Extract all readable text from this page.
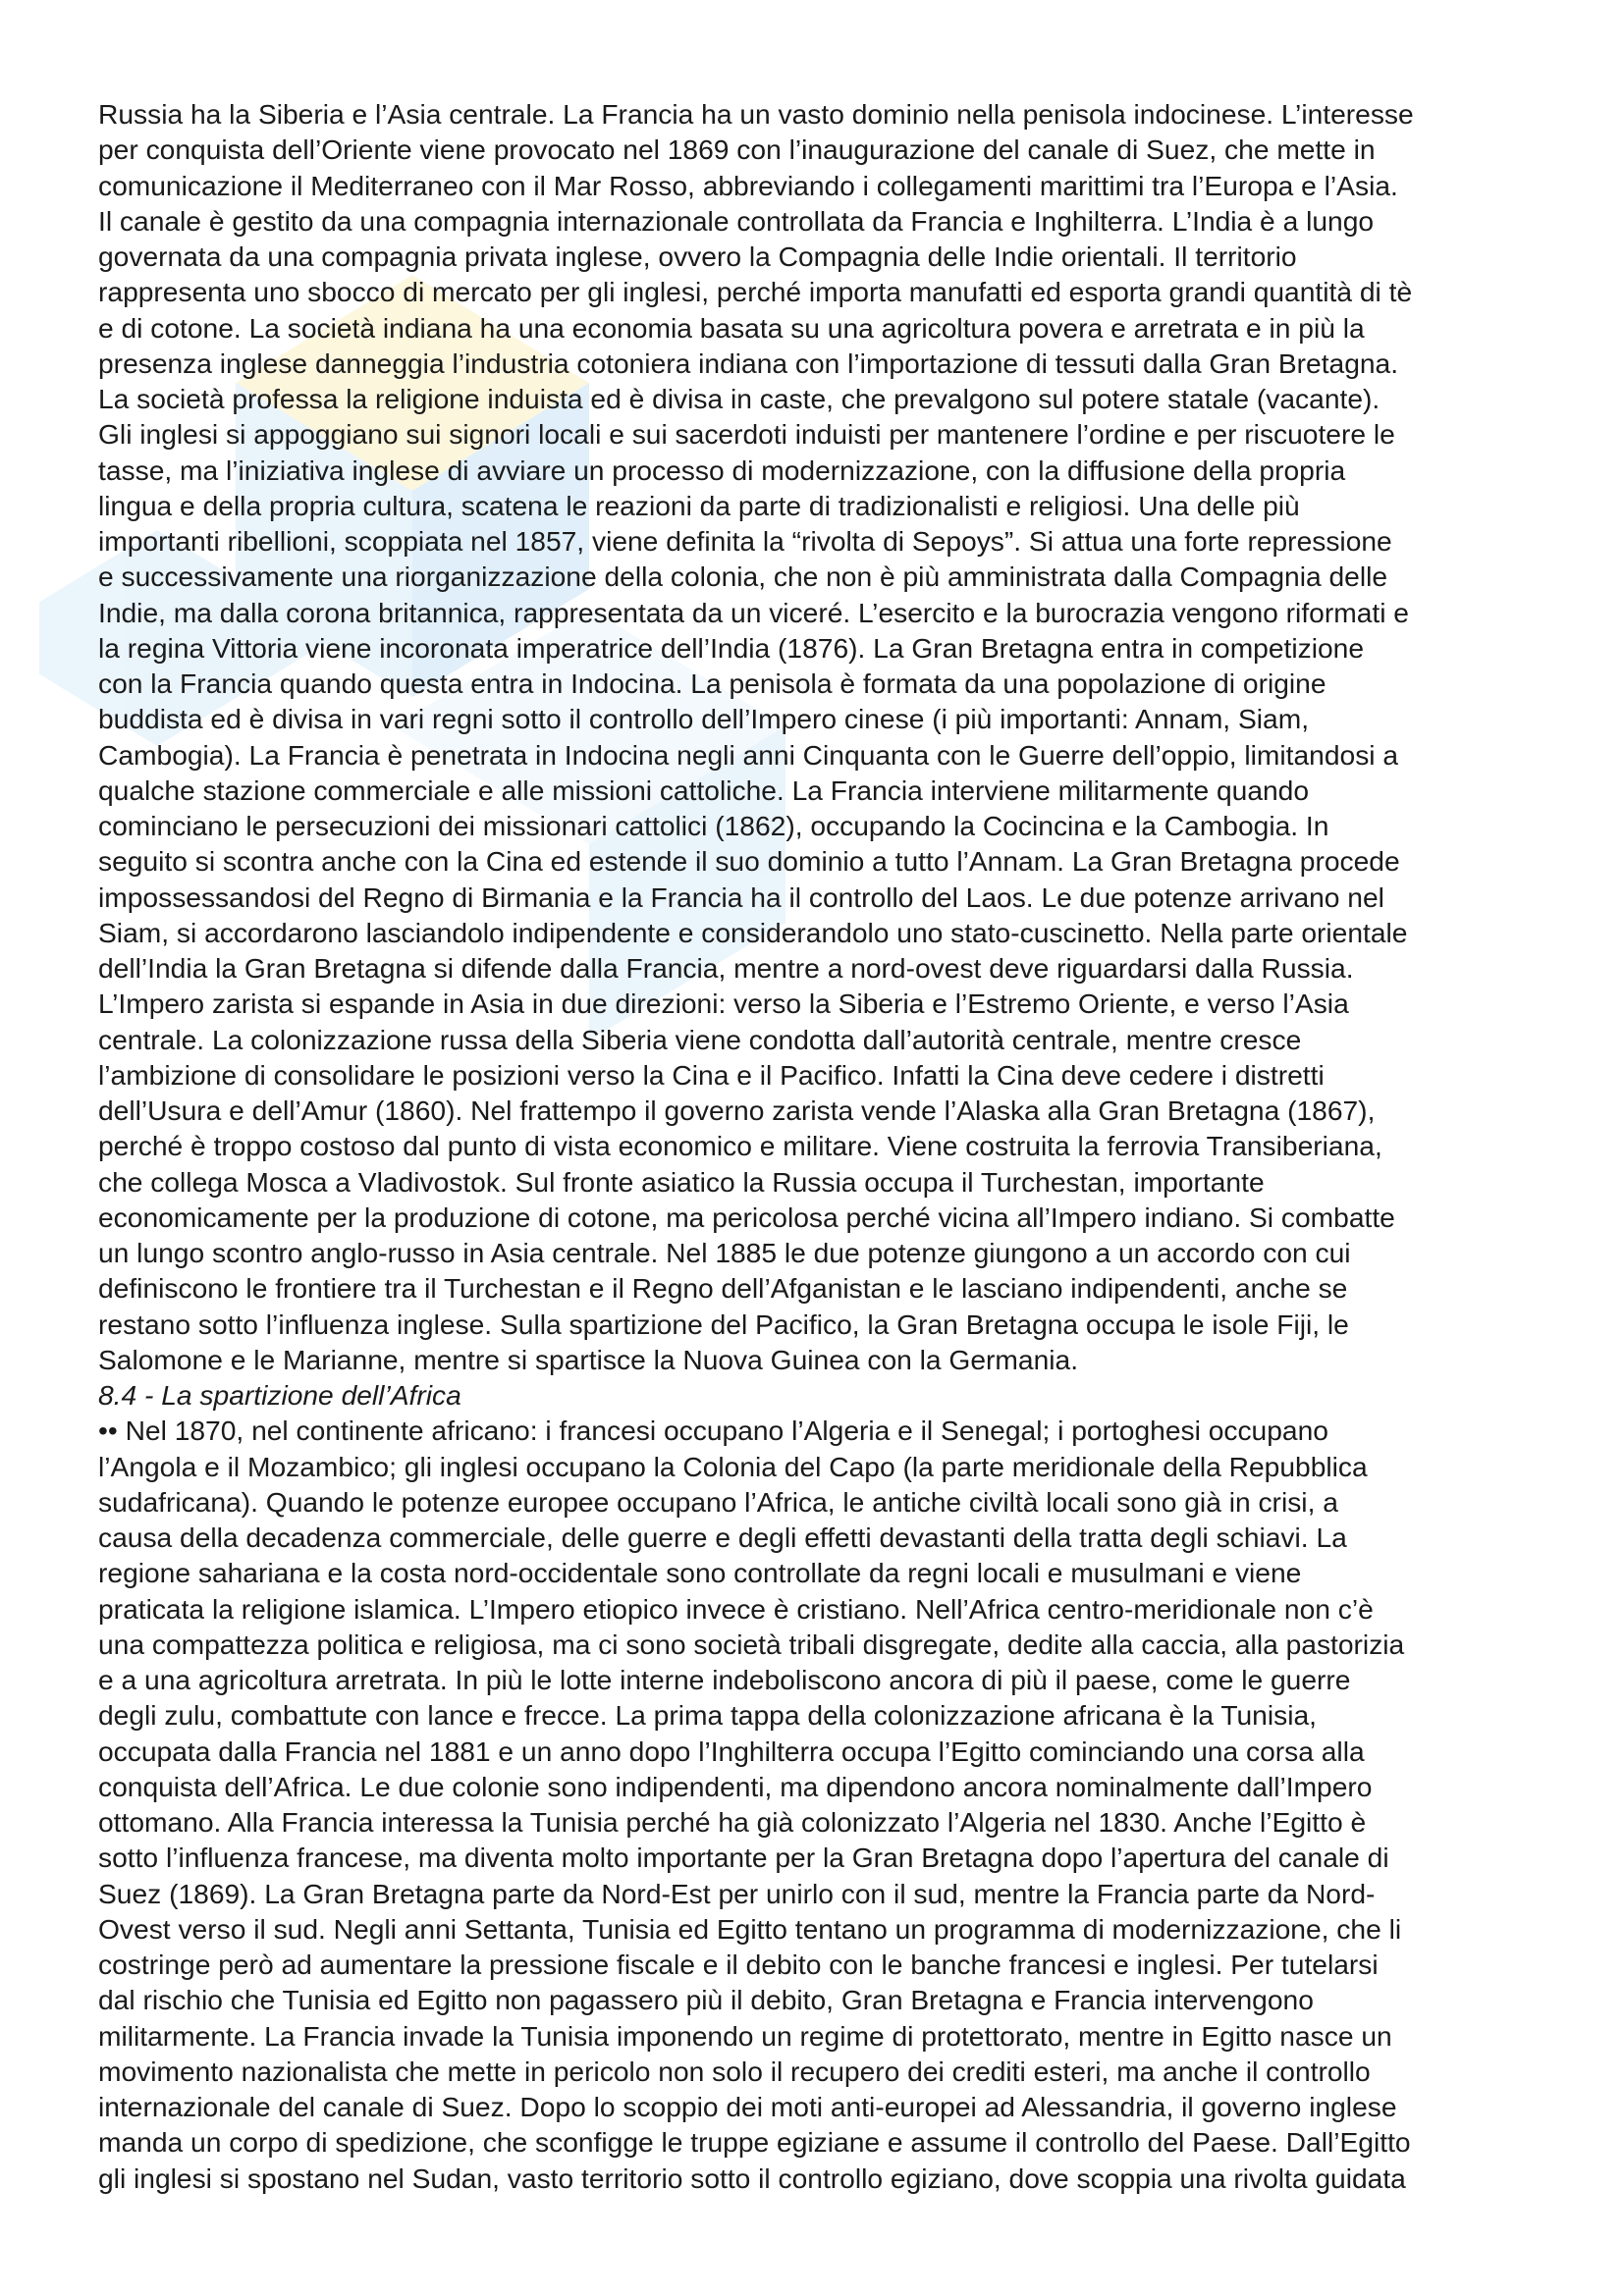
Russia ha la Siberia e l’Asia centrale. La Francia ha un vasto dominio nella penisola indocinese. L’interesse
per conquista dell’Oriente viene provocato nel 1869 con l’inaugurazione del canale di Suez, che mette in
comunicazione il Mediterraneo con il Mar Rosso, abbreviando i collegamenti marittimi tra l’Europa e l’Asia.
Il canale è gestito da una compagnia internazionale controllata da Francia e Inghilterra. L’India è a lungo
governata da una compagnia privata inglese, ovvero la Compagnia delle Indie orientali. Il territorio
rappresenta uno sbocco di mercato per gli inglesi, perché importa manufatti ed esporta grandi quantità di tè
e di cotone. La società indiana ha una economia basata su una agricoltura povera e arretrata e in più la
presenza inglese danneggia l’industria cotoniera indiana con l’importazione di tessuti dalla Gran Bretagna.
La società professa la religione induista ed è divisa in caste, che prevalgono sul potere statale (vacante).
Gli inglesi si appoggiano sui signori locali e sui sacerdoti induisti per mantenere l’ordine e per riscuotere le
tasse, ma l’iniziativa inglese di avviare un processo di modernizzazione, con la diffusione della propria
lingua e della propria cultura, scatena le reazioni da parte di tradizionalisti e religiosi. Una delle più
importanti ribellioni, scoppiata nel 1857, viene definita la “rivolta di Sepoys”. Si attua una forte repressione
e successivamente una riorganizzazione della colonia, che non è più amministrata dalla Compagnia delle
Indie, ma dalla corona britannica, rappresentata da un viceré. L’esercito e la burocrazia vengono riformati e
la regina Vittoria viene incoronata imperatrice dell’India (1876). La Gran Bretagna entra in competizione
con la Francia quando questa entra in Indocina. La penisola è formata da una popolazione di origine
buddista ed è divisa in vari regni sotto il controllo dell’Impero cinese (i più importanti: Annam, Siam,
Cambogia). La Francia è penetrata in Indocina negli anni Cinquanta con le Guerre dell’oppio, limitandosi a
qualche stazione commerciale e alle missioni cattoliche. La Francia interviene militarmente quando
cominciano le persecuzioni dei missionari cattolici (1862), occupando la Cocincina e la Cambogia. In
seguito si scontra anche con la Cina ed estende il suo dominio a tutto l’Annam. La Gran Bretagna procede
impossessandosi del Regno di Birmania e la Francia ha il controllo del Laos. Le due potenze arrivano nel
Siam, si accordarono lasciandolo indipendente e considerandolo uno stato-cuscinetto. Nella parte orientale
dell’India la Gran Bretagna si difende dalla Francia, mentre a nord-ovest deve riguardarsi dalla Russia.
L’Impero zarista si espande in Asia in due direzioni: verso la Siberia e l’Estremo Oriente, e verso l’Asia
centrale. La colonizzazione russa della Siberia viene condotta dall’autorità centrale, mentre cresce
l’ambizione di consolidare le posizioni verso la Cina e il Pacifico. Infatti la Cina deve cedere i distretti
dell’Usura e dell’Amur (1860). Nel frattempo il governo zarista vende l’Alaska alla Gran Bretagna (1867),
perché è troppo costoso dal punto di vista economico e militare. Viene costruita la ferrovia Transiberiana,
che collega Mosca a Vladivostok. Sul fronte asiatico la Russia occupa il Turchestan, importante
economicamente per la produzione di cotone, ma pericolosa perché vicina all’Impero indiano. Si combatte
un lungo scontro anglo-russo in Asia centrale. Nel 1885 le due potenze giungono a un accordo con cui
definiscono le frontiere tra il Turchestan e il Regno dell’Afganistan e le lasciano indipendenti, anche se
restano sotto l’influenza inglese. Sulla spartizione del Pacifico, la Gran Bretagna occupa le isole Fiji, le
Salomone e le Marianne, mentre si spartisce la Nuova Guinea con la Germania.
8.4 - La spartizione dell’Africa
•• Nel 1870, nel continente africano: i francesi occupano l’Algeria e il Senegal; i portoghesi occupano
l’Angola e il Mozambico; gli inglesi occupano la Colonia del Capo (la parte meridionale della Repubblica
sudafricana). Quando le potenze europee occupano l’Africa, le antiche civiltà locali sono già in crisi, a
causa della decadenza commerciale, delle guerre e degli effetti devastanti della tratta degli schiavi. La
regione sahariana e la costa nord-occidentale sono controllate da regni locali e musulmani e viene
praticata la religione islamica. L’Impero etiopico invece è cristiano. Nell’Africa centro-meridionale non c’è
una compattezza politica e religiosa, ma ci sono società tribali disgregate, dedite alla caccia, alla pastorizia
e a una agricoltura arretrata. In più le lotte interne indeboliscono ancora di più il paese, come le guerre
degli zulu, combattute con lance e frecce. La prima tappa della colonizzazione africana è la Tunisia,
occupata dalla Francia nel 1881 e un anno dopo l’Inghilterra occupa l’Egitto cominciando una corsa alla
conquista dell’Africa. Le due colonie sono indipendenti, ma dipendono ancora nominalmente dall’Impero
ottomano. Alla Francia interessa la Tunisia perché ha già colonizzato l’Algeria nel 1830. Anche l’Egitto è
sotto l’influenza francese, ma diventa molto importante per la Gran Bretagna dopo l’apertura del canale di
Suez (1869). La Gran Bretagna parte da Nord-Est per unirlo con il sud, mentre la Francia parte da Nord-
Ovest verso il sud. Negli anni Settanta, Tunisia ed Egitto tentano un programma di modernizzazione, che li
costringe però ad aumentare la pressione fiscale e il debito con le banche francesi e inglesi. Per tutelarsi
dal rischio che Tunisia ed Egitto non pagassero più il debito, Gran Bretagna e Francia intervengono
militarmente. La Francia invade la Tunisia imponendo un regime di protettorato, mentre in Egitto nasce un
movimento nazionalista che mette in pericolo non solo il recupero dei crediti esteri, ma anche il controllo
internazionale del canale di Suez. Dopo lo scoppio dei moti anti-europei ad Alessandria, il governo inglese
manda un corpo di spedizione, che sconfigge le truppe egiziane e assume il controllo del Paese. Dall’Egitto
gli inglesi si spostano nel Sudan, vasto territorio sotto il controllo egiziano, dove scoppia una rivolta guidata
